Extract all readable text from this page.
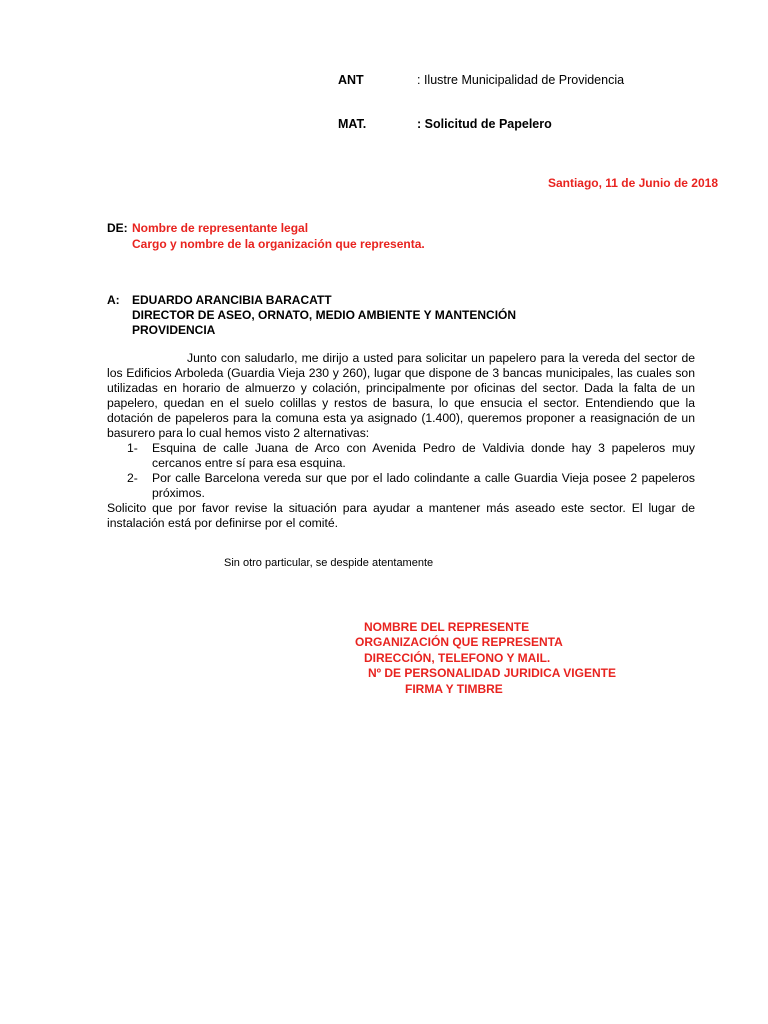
ANT	: Ilustre Municipalidad de Providencia
MAT.	: Solicitud de Papelero
Santiago, 11 de Junio de 2018
DE: Nombre de representante legal
Cargo y nombre de la organización que representa.
A: EDUARDO ARANCIBIA BARACATT
DIRECTOR DE ASEO, ORNATO, MEDIO AMBIENTE Y MANTENCIÓN
PROVIDENCIA

Junto con saludarlo, me dirijo a usted para solicitar un papelero para la vereda del sector de los Edificios Arboleda (Guardia Vieja 230 y 260), lugar que dispone de 3 bancas municipales, las cuales son utilizadas en horario de almuerzo y colación, principalmente por oficinas del sector. Dada la falta de un papelero, quedan en el suelo colillas y restos de basura, lo que ensucia el sector. Entendiendo que la dotación de papeleros para la comuna esta ya asignado (1.400), queremos proponer a reasignación de un basurero para lo cual hemos visto 2 alternativas:

1- Esquina de calle Juana de Arco con Avenida Pedro de Valdivia donde hay 3 papeleros muy cercanos entre sí para esa esquina.
2- Por calle Barcelona vereda sur que por el lado colindante a calle Guardia Vieja posee 2 papeleros próximos.

Solicito que por favor revise la situación para ayudar a mantener más aseado este sector. El lugar de instalación está por definirse por el comité.

Sin otro particular, se despide atentamente
NOMBRE DEL REPRESENTE
ORGANIZACIÓN QUE REPRESENTA
DIRECCIÓN, TELEFONO Y MAIL.
Nº DE PERSONALIDAD JURIDICA VIGENTE
FIRMA Y TIMBRE
